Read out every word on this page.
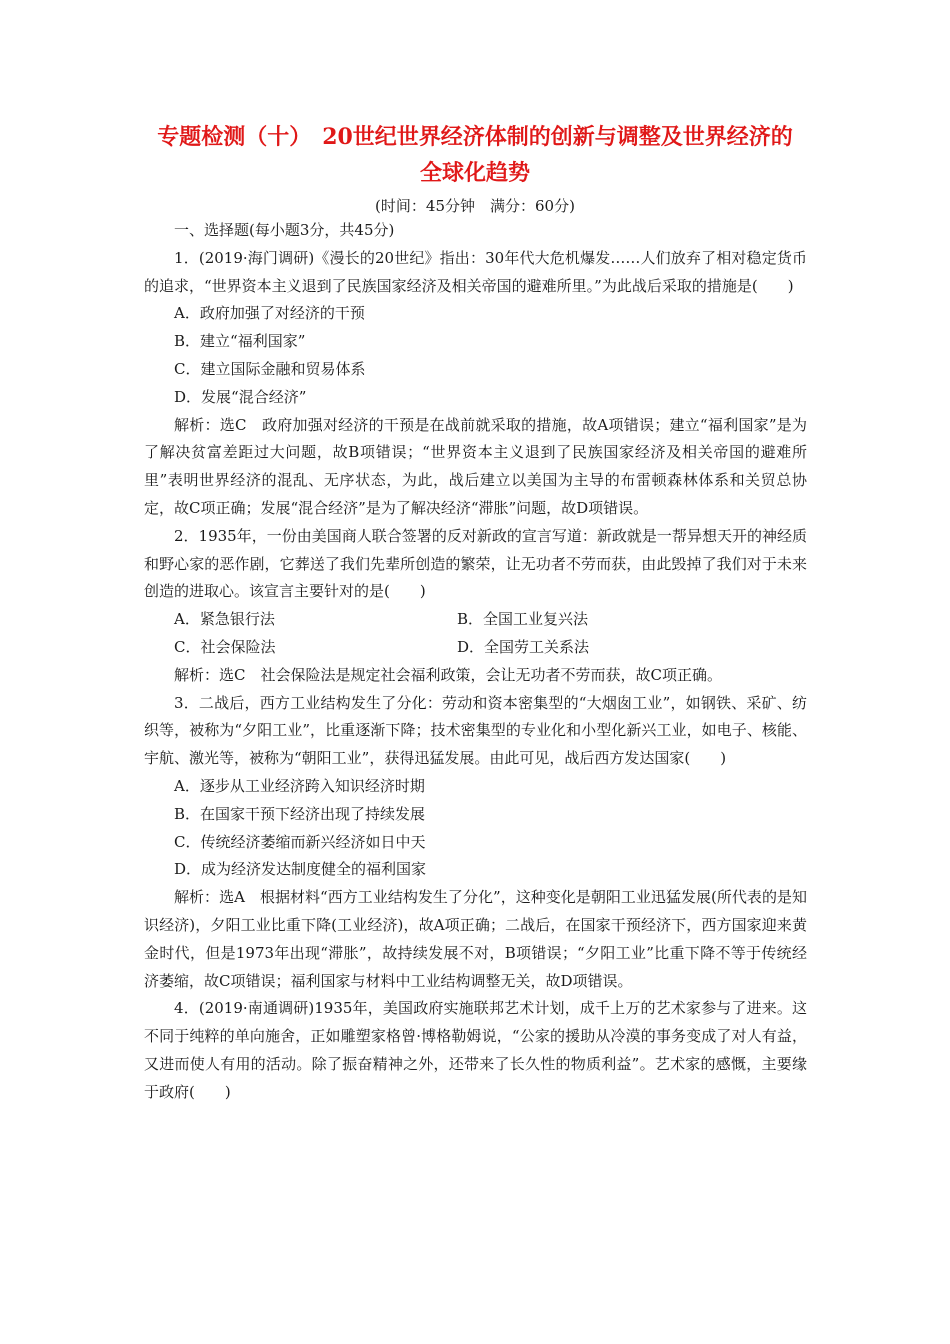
专题检测（十）　20世纪世界经济体制的创新与调整及世界经济的
全球化趋势
(时间：45分钟　满分：60分)

一、选择题(每小题3分，共45分)

1．(2019·海门调研)《漫长的20世纪》指出：30年代大危机爆发……人们放弃了相对稳定货币的追求，“世界资本主义退到了民族国家经济及相关帝国的避难所里。”为此战后采取的措施是(　　)

A．政府加强了对经济的干预

B．建立“福利国家”

C．建立国际金融和贸易体系

D．发展“混合经济”

解析：选C　政府加强对经济的干预是在战前就采取的措施，故A项错误；建立“福利国家”是为了解决贫富差距过大问题，故B项错误；“世界资本主义退到了民族国家经济及相关帝国的避难所里”表明世界经济的混乱、无序状态，为此，战后建立以美国为主导的布雷顿森林体系和关贸总协定，故C项正确；发展“混合经济”是为了解决经济“滞胀”问题，故D项错误。

2．1935年，一份由美国商人联合签署的反对新政的宣言写道：新政就是一帮异想天开的神经质和野心家的恶作剧，它葬送了我们先辈所创造的繁荣，让无功者不劳而获，由此毁掉了我们对于未来创造的进取心。该宣言主要针对的是(　　)

A．紧急银行法	B．全国工业复兴法
C．社会保险法	D．全国劳工关系法

解析：选C　社会保险法是规定社会福利政策，会让无功者不劳而获，故C项正确。

3．二战后，西方工业结构发生了分化：劳动和资本密集型的“大烟囱工业”，如钢铁、采矿、纺织等，被称为“夕阳工业”，比重逐渐下降；技术密集型的专业化和小型化新兴工业，如电子、核能、宇航、激光等，被称为“朝阳工业”，获得迅猛发展。由此可见，战后西方发达国家(　　)

A．逐步从工业经济跨入知识经济时期

B．在国家干预下经济出现了持续发展

C．传统经济萎缩而新兴经济如日中天

D．成为经济发达制度健全的福利国家

解析：选A　根据材料“西方工业结构发生了分化”，这种变化是朝阳工业迅猛发展(所代表的是知识经济)，夕阳工业比重下降(工业经济)，故A项正确；二战后，在国家干预经济下，西方国家迎来黄金时代，但是1973年出现“滞胀”，故持续发展不对，B项错误；“夕阳工业”比重下降不等于传统经济萎缩，故C项错误；福利国家与材料中工业结构调整无关，故D项错误。

4．(2019·南通调研)1935年，美国政府实施联邦艺术计划，成千上万的艺术家参与了进来。这不同于纯粹的单向施舍，正如雕塑家格曾·博格勒姆说，“公家的援助从冷漠的事务变成了对人有益，又进而使人有用的活动。除了振奋精神之外，还带来了长久性的物质利益”。艺术家的感慨，主要缘于政府(　　)
